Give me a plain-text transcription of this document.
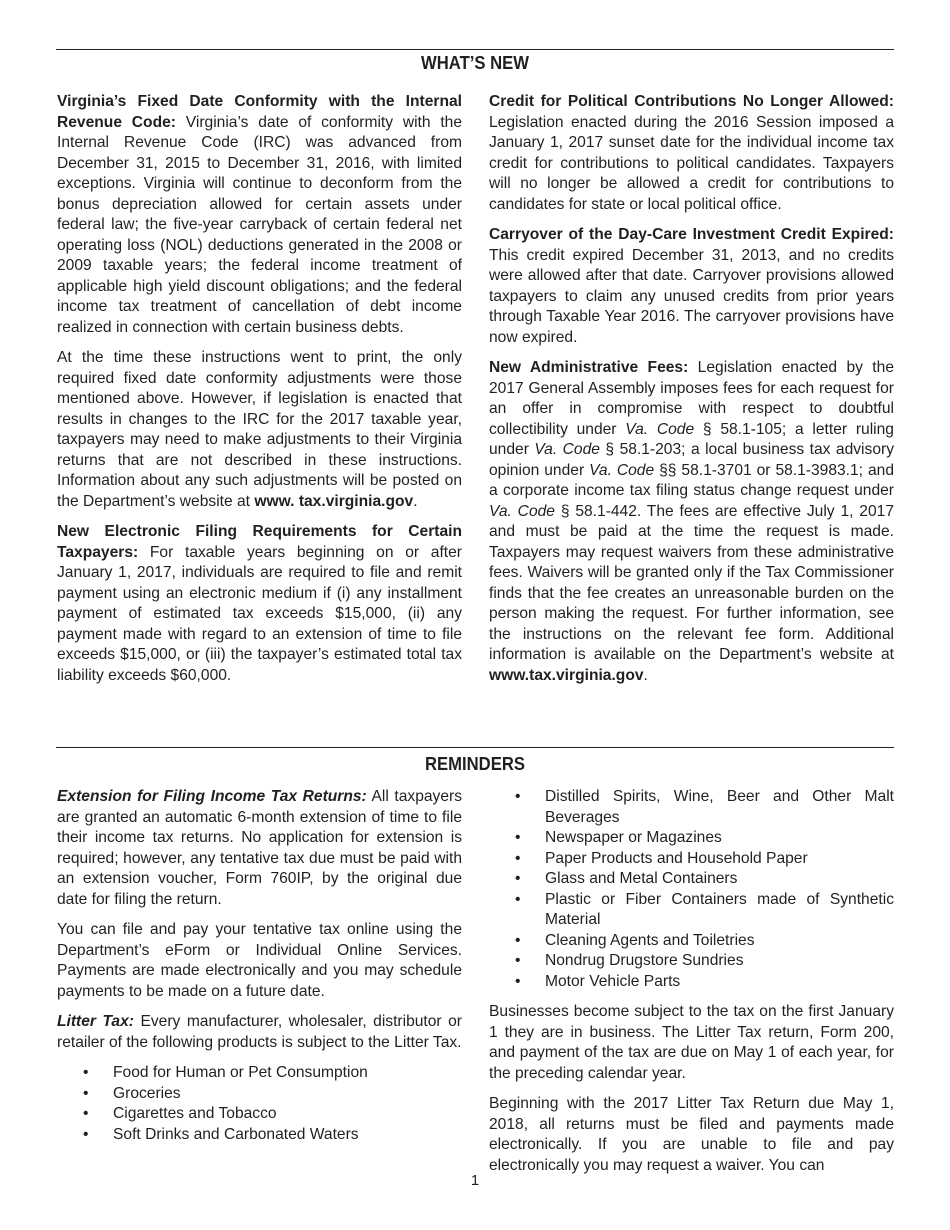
WHAT’S NEW

Virginia’s Fixed Date Conformity with the Internal Revenue Code: Virginia’s date of conformity with the Internal Revenue Code (IRC) was advanced from December 31, 2015 to December 31, 2016, with limited exceptions. Virginia will continue to deconform from the bonus depreciation allowed for certain assets under federal law; the five-year carryback of certain federal net operating loss (NOL) deductions generated in the 2008 or 2009 taxable years; the federal income treatment of applicable high yield discount obligations; and the federal income tax treatment of cancellation of debt income realized in connection with certain business debts.

At the time these instructions went to print, the only required fixed date conformity adjustments were those mentioned above. However, if legislation is enacted that results in changes to the IRC for the 2017 taxable year, taxpayers may need to make adjustments to their Virginia returns that are not described in these instructions. Information about any such adjustments will be posted on the Department’s website at www. tax.virginia.gov.

New Electronic Filing Requirements for Certain Taxpayers: For taxable years beginning on or after January 1, 2017, individuals are required to file and remit payment using an electronic medium if (i) any installment payment of estimated tax exceeds $15,000, (ii) any payment made with regard to an extension of time to file exceeds $15,000, or (iii) the taxpayer’s estimated total tax liability exceeds $60,000.

Credit for Political Contributions No Longer Allowed: Legislation enacted during the 2016 Session imposed a January 1, 2017 sunset date for the individual income tax credit for contributions to political candidates. Taxpayers will no longer be allowed a credit for contributions to candidates for state or local political office.

Carryover of the Day-Care Investment Credit Expired: This credit expired December 31, 2013, and no credits were allowed after that date. Carryover provisions allowed taxpayers to claim any unused credits from prior years through Taxable Year 2016. The carryover provisions have now expired.

New Administrative Fees: Legislation enacted by the 2017 General Assembly imposes fees for each request for an offer in compromise with respect to doubtful collectibility under Va. Code § 58.1-105; a letter ruling under Va. Code § 58.1-203; a local business tax advisory opinion under Va. Code §§ 58.1-3701 or 58.1-3983.1; and a corporate income tax filing status change request under Va. Code § 58.1-442. The fees are effective July 1, 2017 and must be paid at the time the request is made. Taxpayers may request waivers from these administrative fees. Waivers will be granted only if the Tax Commissioner finds that the fee creates an unreasonable burden on the person making the request. For further information, see the instructions on the relevant fee form. Additional information is available on the Department’s website at www.tax.virginia.gov.

REMINDERS

Extension for Filing Income Tax Returns: All taxpayers are granted an automatic 6-month extension of time to file their income tax returns. No application for extension is required; however, any tentative tax due must be paid with an extension voucher, Form 760IP, by the original due date for filing the return.

You can file and pay your tentative tax online using the Department’s eForm or Individual Online Services. Payments are made electronically and you may schedule payments to be made on a future date.

Litter Tax: Every manufacturer, wholesaler, distributor or retailer of the following products is subject to the Litter Tax.

• Food for Human or Pet Consumption
• Groceries
• Cigarettes and Tobacco
• Soft Drinks and Carbonated Waters
• Distilled Spirits, Wine, Beer and Other Malt Beverages
• Newspaper or Magazines
• Paper Products and Household Paper
• Glass and Metal Containers
• Plastic or Fiber Containers made of Synthetic Material
• Cleaning Agents and Toiletries
• Nondrug Drugstore Sundries
• Motor Vehicle Parts

Businesses become subject to the tax on the first January 1 they are in business. The Litter Tax return, Form 200, and payment of the tax are due on May 1 of each year, for the preceding calendar year.

Beginning with the 2017 Litter Tax Return due May 1, 2018, all returns must be filed and payments made electronically. If you are unable to file and pay electronically you may request a waiver. You can

1
